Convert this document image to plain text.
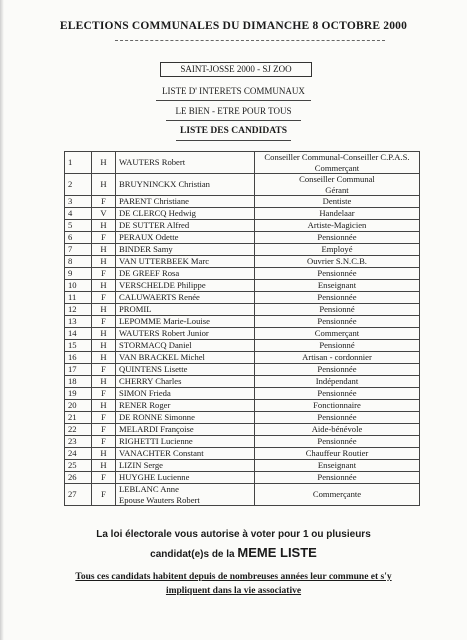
ELECTIONS COMMUNALES DU DIMANCHE 8 OCTOBRE 2000
SAINT-JOSSE 2000 - SJ ZOO
LISTE D' INTERETS COMMUNAUX
LE BIEN - ETRE POUR TOUS
LISTE DES CANDIDATS
1	H	WAUTERS Robert	Conseiller Communal-Conseiller C.P.A.S.
Commerçant

2	H	BRUYNINCKX Christian	Conseiller Communal
Gérant

3	F	PARENT Christiane	Dentiste

4	V	DE CLERCQ Hedwig	Handelaar

5	H	DE SUTTER Alfred	Artiste-Magicien

6	F	PERAUX Odette	Pensionnée

7	H	BINDER Samy	Employé

8	H	VAN UTTERBEEK Marc	Ouvrier S.N.C.B.

9	F	DE GREEF Rosa	Pensionnée

10	H	VERSCHELDE Philippe	Enseignant

11	F	CALUWAERTS Renée	Pensionnée

12	H	PROMIL	Pensionné

13	F	LEPOMME Marie-Louise	Pensionnée

14	H	WAUTERS Robert Junior	Commerçant

15	H	STORMACQ Daniel	Pensionné

16	H	VAN BRACKEL Michel	Artisan - cordonnier

17	F	QUINTENS Lisette	Pensionnée

18	H	CHERRY Charles	Indépendant

19	F	SIMON Frieda	Pensionnée

20	H	RENER Roger	Fonctionnaire

21	F	DE RONNE Simonne	Pensionnée

22	F	MELARDI Françoise	Aide-bénévole

23	F	RIGHETTI Lucienne	Pensionnée

24	H	VANACHTER Constant	Chauffeur Routier

25	H	LIZIN Serge	Enseignant

26	F	HUYGHE Lucienne	Pensionnée

27	F	LEBLANC Anne
Epouse Wauters Robert	Commerçante
La loi électorale vous autorise à voter pour 1 ou plusieurs
candidat(e)s de la MEME LISTE
Tous ces candidats habitent depuis de nombreuses années leur commune et s'y
impliquent dans la vie associative
